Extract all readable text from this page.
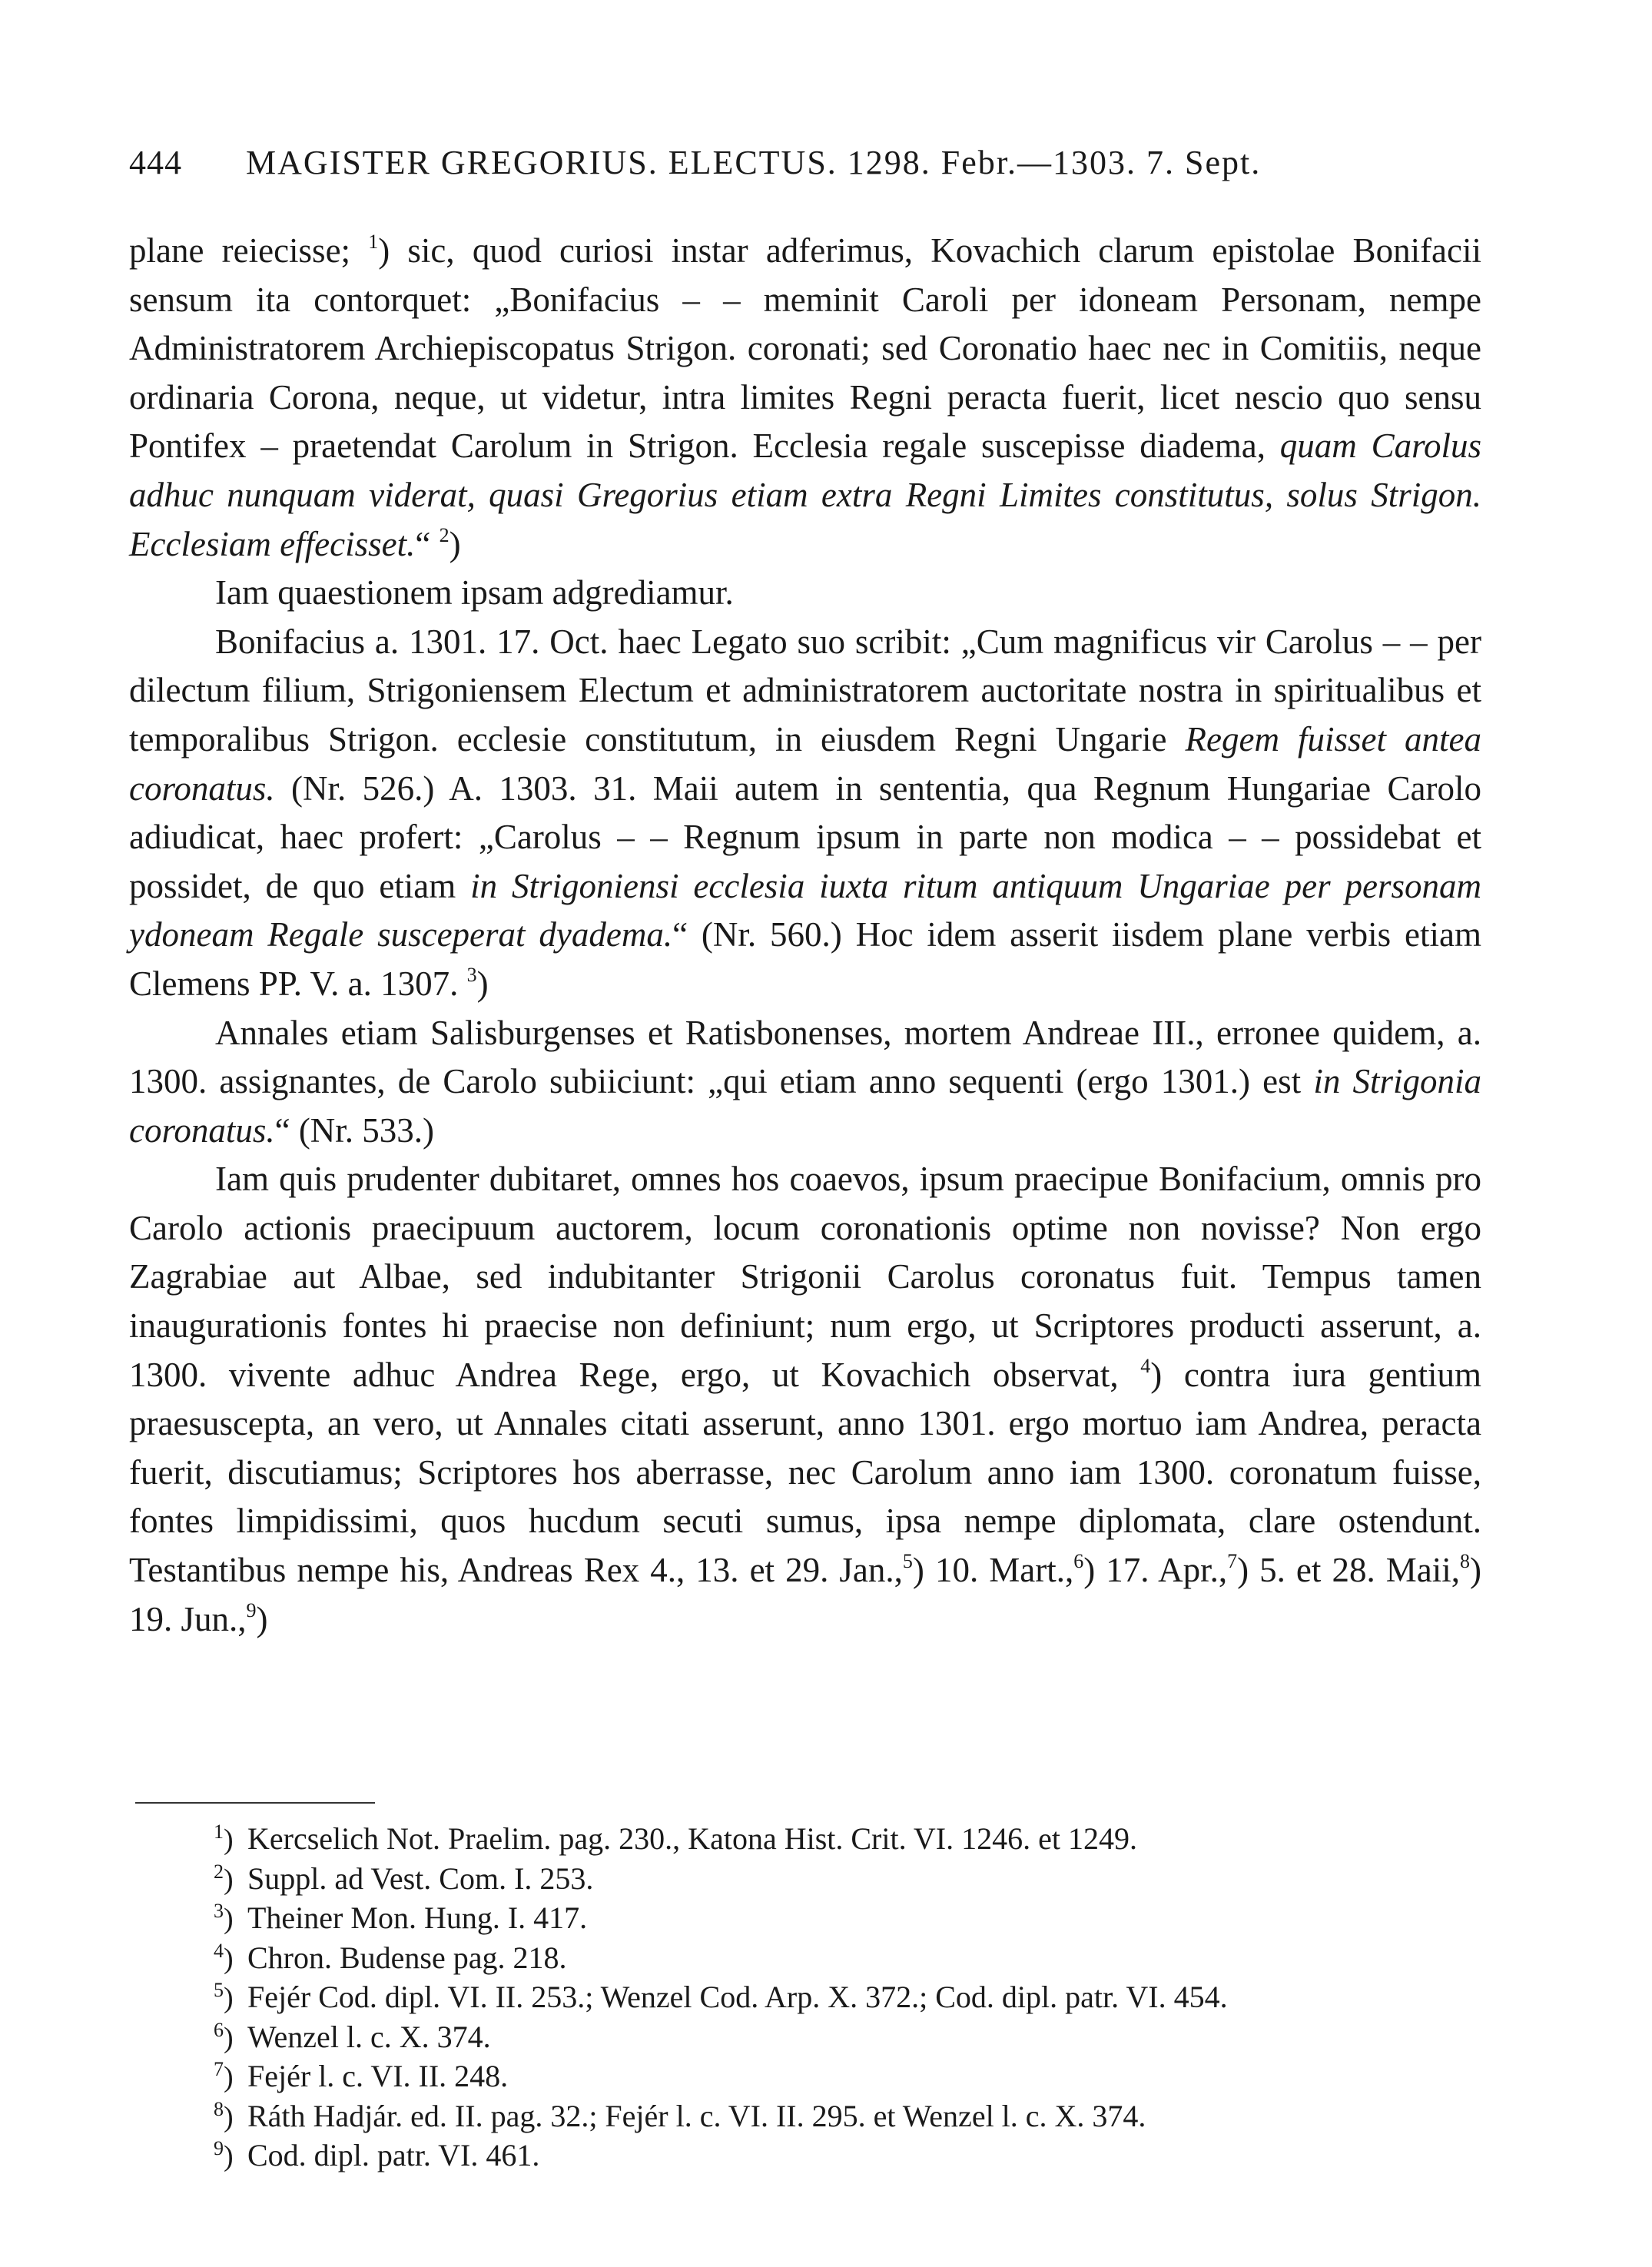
444 MAGISTER GREGORIUS. ELECTUS. 1298. Febr.—1303. 7. Sept.

plane reiecisse; $^1$) sic, quod curiosi instar adferimus, Kovachich clarum epistolae Bonifacii sensum ita contorquet: „Bonifacius – – meminit Caroli per idoneam Personam, nempe Administratorem Archiepiscopatus Strigon. coronati; sed Coronatio haec nec in Comitiis, neque ordinaria Corona, neque, ut videtur, intra limites Regni peracta fuerit, licet nescio quo sensu Pontifex – praetendat Carolum in Strigon. Ecclesia regale suscepisse diadema, quam Carolus adhuc nunquam viderat, quasi Gregorius etiam extra Regni Limites constitutus, solus Strigon. Ecclesiam effecisset.“ $^2$)

Iam quaestionem ipsam adgrediamur.

Bonifacius a. 1301. 17. Oct. haec Legato suo scribit: „Cum magnificus vir Carolus – – per dilectum filium, Strigoniensem Electum et administratorem auctoritate nostra in spiritualibus et temporalibus Strigon. ecclesie constitutum, in eiusdem Regni Ungarie Regem fuisset antea coronatus. (Nr. 526.) A. 1303. 31. Maii autem in sententia, qua Regnum Hungariae Carolo adiudicat, haec profert: „Carolus – – Regnum ipsum in parte non modica – – possidebat et possidet, de quo etiam in Strigoniensi ecclesia iuxta ritum antiquum Ungariae per personam ydoneam Regale susceperat dyadema.“ (Nr. 560.) Hoc idem asserit iisdem plane verbis etiam Clemens PP. V. a. 1307. $^3$)

Annales etiam Salisburgenses et Ratisbonenses, mortem Andreae III., erronee quidem, a. 1300. assignantes, de Carolo subiiciunt: „qui etiam anno sequenti (ergo 1301.) est in Strigonia coronatus.“ (Nr. 533.)

Iam quis prudenter dubitaret, omnes hos coaevos, ipsum praecipue Bonifacium, omnis pro Carolo actionis praecipuum auctorem, locum coronationis optime non novisse? Non ergo Zagrabiae aut Albae, sed indubitanter Strigonii Carolus coronatus fuit. Tempus tamen inaugurationis fontes hi praecise non definiunt; num ergo, ut Scriptores producti asserunt, a. 1300. vivente adhuc Andrea Rege, ergo, ut Kovachich observat, $^4$) contra iura gentium praesuscepta, an vero, ut Annales citati asserunt, anno 1301. ergo mortuo iam Andrea, peracta fuerit, discutiamus; Scriptores hos aberrasse, nec Carolum anno iam 1300. coronatum fuisse, fontes limpidissimi, quos hucdum secuti sumus, ipsa nempe diplomata, clare ostendunt. Testantibus nempe his, Andreas Rex 4., 13. et 29. Jan.,$^5$) 10. Mart.,$^6$) 17. Apr.,$^7$) 5. et 28. Maii,$^8$) 19. Jun.,$^9$)

$^1$) Kercselich Not. Praelim. pag. 230., Katona Hist. Crit. VI. 1246. et 1249.
$^2$) Suppl. ad Vest. Com. I. 253.
$^3$) Theiner Mon. Hung. I. 417.
$^4$) Chron. Budense pag. 218.
$^5$) Fejér Cod. dipl. VI. II. 253.; Wenzel Cod. Arp. X. 372.; Cod. dipl. patr. VI. 454.
$^6$) Wenzel l. c. X. 374.
$^7$) Fejér l. c. VI. II. 248.
$^8$) Ráth Hadjár. ed. II. pag. 32.; Fejér l. c. VI. II. 295. et Wenzel l. c. X. 374.
$^9$) Cod. dipl. patr. VI. 461.
